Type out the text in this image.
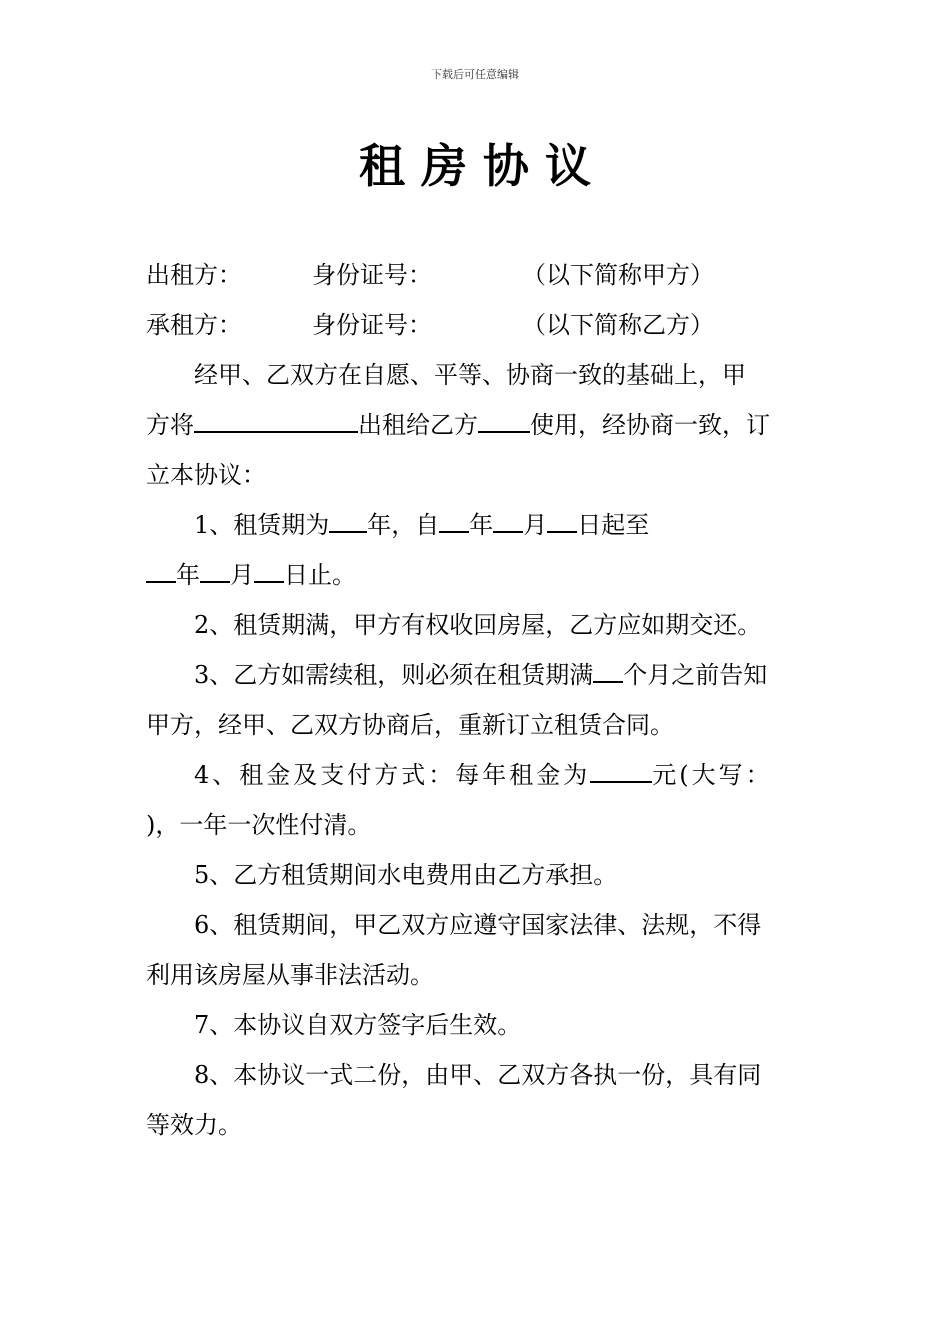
下载后可任意编辑
租房协议
出租方：	身份证号：	（以下简称甲方）
承租方：	身份证号：	（以下简称乙方）
经甲、乙双方在自愿、平等、协商一致的基础上，甲
方将	出租给乙方 使用，经协商一致，订
立本协议：
1、租赁期为 年，自 年 月 日起至
年 月 日止。
2、租赁期满，甲方有权收回房屋，乙方应如期交还。
3、乙方如需续租，则必须在租赁期满 个月之前告知
甲方，经甲、乙双方协商后，重新订立租赁合同。
4、租金及支付方式：每年租金为	元(大写：
)，一年一次性付清。
5、乙方租赁期间水电费用由乙方承担。
6、租赁期间，甲乙双方应遵守国家法律、法规，不得
利用该房屋从事非法活动。
7、本协议自双方签字后生效。
8、本协议一式二份，由甲、乙双方各执一份，具有同
等效力。
